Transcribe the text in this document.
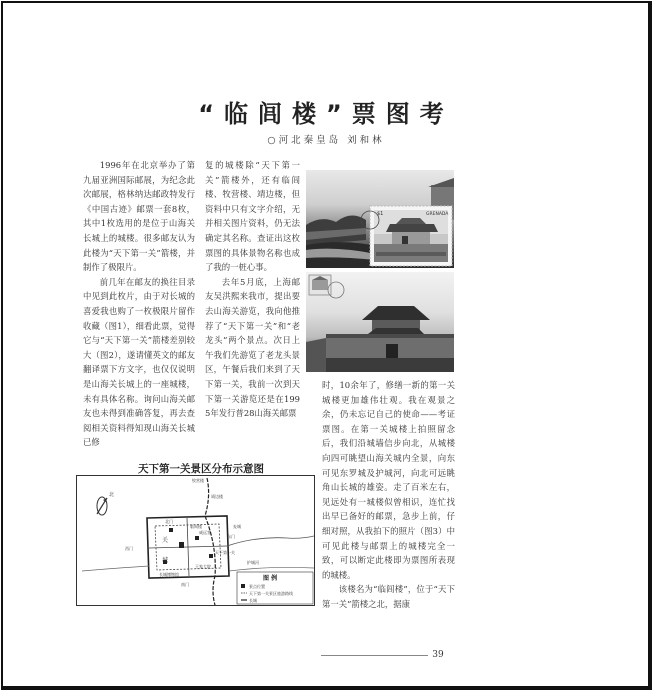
“临闾楼”票图考
○河北秦皇岛 刘和林

1996年在北京举办了第九届亚洲国际邮展，为纪念此次邮展，格林纳达邮政特发行《中国古迹》邮票一套8枚，其中1枚选用的是位于山海关长城上的城楼。很多邮友认为此楼为“天下第一关”箭楼，并制作了极限片。

前几年在邮友的换往目录中见到此枚片，由于对长城的喜爱我也购了一枚极限片留作收藏（图1），细看此票，觉得它与“天下第一关”箭楼差别较大（图2），遂请懂英文的邮友翻译票下方文字，也仅仅说明是山海关长城上的一座城楼，未有具体名称。询问山海关邮友也未得到准确答复，再去查阅相关资料得知现山海关长城已修

复的城楼除“天下第一关”箭楼外，还有临闾楼、牧营楼、靖边楼，但资料中只有文字介绍，无并相关图片资料，仍无法确定其名称。查证出这枚票图的具体景物名称也成了我的一桩心事。

去年5月底，上海邮友吴洪熙来我市，提出要去山海关游览，我向他推荐了“天下第一关”和“老龙头”两个景点。次日上午我们先游览了老龙头景区，午餐后我们来到了天下第一关，我前一次到天下第一关游览还是在1995年发行普28山海关邮票

时，10余年了，修缮一新的第一关城楼更加雄伟壮观。我在观景之余，仍未忘记自己的使命——考证票图。在第一关城楼上拍照留念后，我们沿城墙信步向北，从城楼向四可眺望山海关城内全景，向东可见东罗城及护城河，向北可远眺角山长城的雄姿。走了百米左右，见远处有一城楼似曾相识，连忙找出早已备好的邮票，急步上前，仔细对照，从我拍下的照片（图3）中可见此楼与邮票上的城楼完全一致，可以断定此楼即为票图所表现的城楼。

该楼名为“临闾楼”，位于“天下第一关”箭楼之北，据康

GRENADA
$1
天下第一关景区分布示意图
北
北门
临闾楼
牧营楼
威远堂
东门
靖边楼
天下第一关
关
城
南门
西门
长城博物馆
王家大院
瓮城
护城河
图 例
景点位置
天下第一关景区旅游路线
长城
39
